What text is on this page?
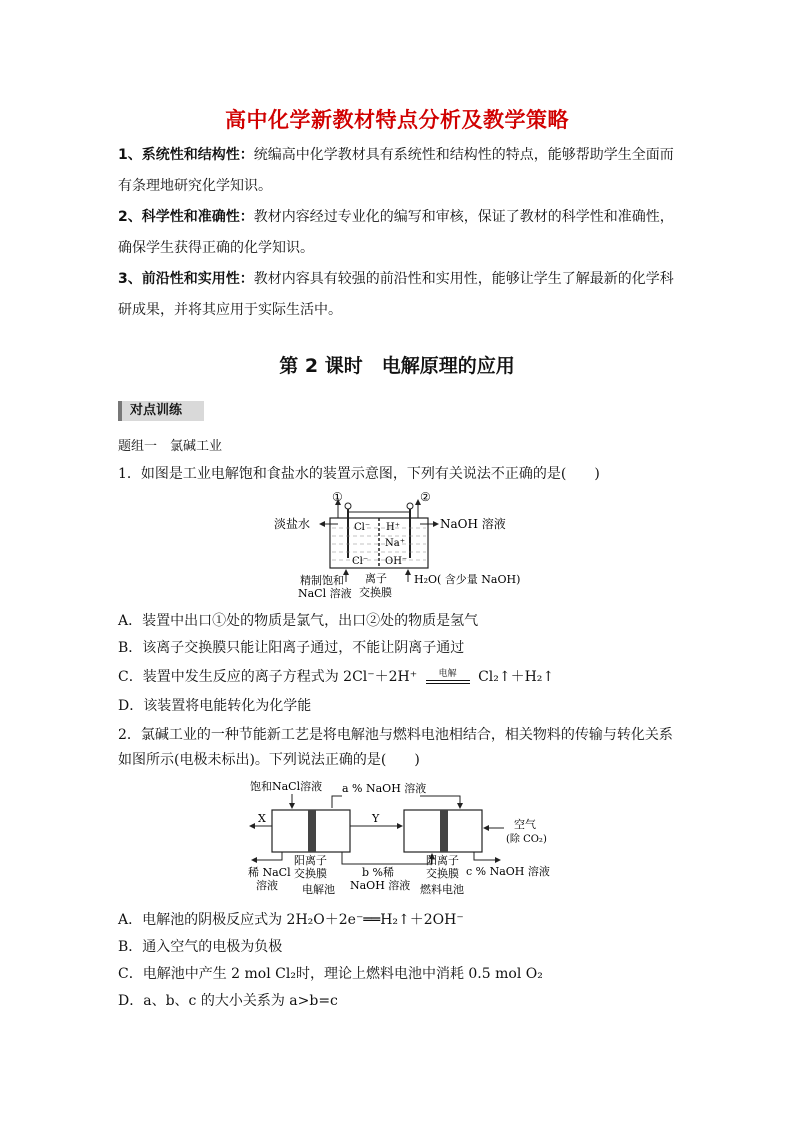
高中化学新教材特点分析及教学策略
1、系统性和结构性：统编高中化学教材具有系统性和结构性的特点，能够帮助学生全面而有条理地研究化学知识。
2、科学性和准确性：教材内容经过专业化的编写和审核，保证了教材的科学性和准确性，确保学生获得正确的化学知识。
3、前沿性和实用性：教材内容具有较强的前沿性和实用性，能够让学生了解最新的化学科研成果，并将其应用于实际生活中。
第 2 课时　电解原理的应用
对点训练
题组一　氯碱工业
1．如图是工业电解饱和食盐水的装置示意图，下列有关说法不正确的是(　　)
①	②
Cl⁻
Cl⁻
H⁺
Na⁺
OH⁻
淡盐水	NaOH 溶液
精制饱和
NaCl 溶液
离子
交换膜
H₂O( 含少量 NaOH)
A．装置中出口①处的物质是氯气，出口②处的物质是氢气
B．该离子交换膜只能让阳离子通过，不能让阴离子通过
C．装置中发生反应的离子方程式为 2Cl⁻＋2H⁺	电解	Cl₂↑＋H₂↑
D．该装置将电能转化为化学能
2．氯碱工业的一种节能新工艺是将电解池与燃料电池相结合，相关物料的传输与转化关系如图所示(电极未标出)。下列说法正确的是(　　)
饱和NaCl溶液 a % NaOH 溶液
X	Y	空气
(除 CO₂)
阳离子
交换膜
阳离子
交换膜
稀 NaCl
溶液 电解池
b %稀
NaOH 溶液 燃料电池
c % NaOH 溶液
A．电解池的阴极反应式为 2H₂O＋2e⁻══H₂↑＋2OH⁻
B．通入空气的电极为负极
C．电解池中产生 2 mol Cl₂时，理论上燃料电池中消耗 0.5 mol O₂
D．a、b、c 的大小关系为 a>b=c
